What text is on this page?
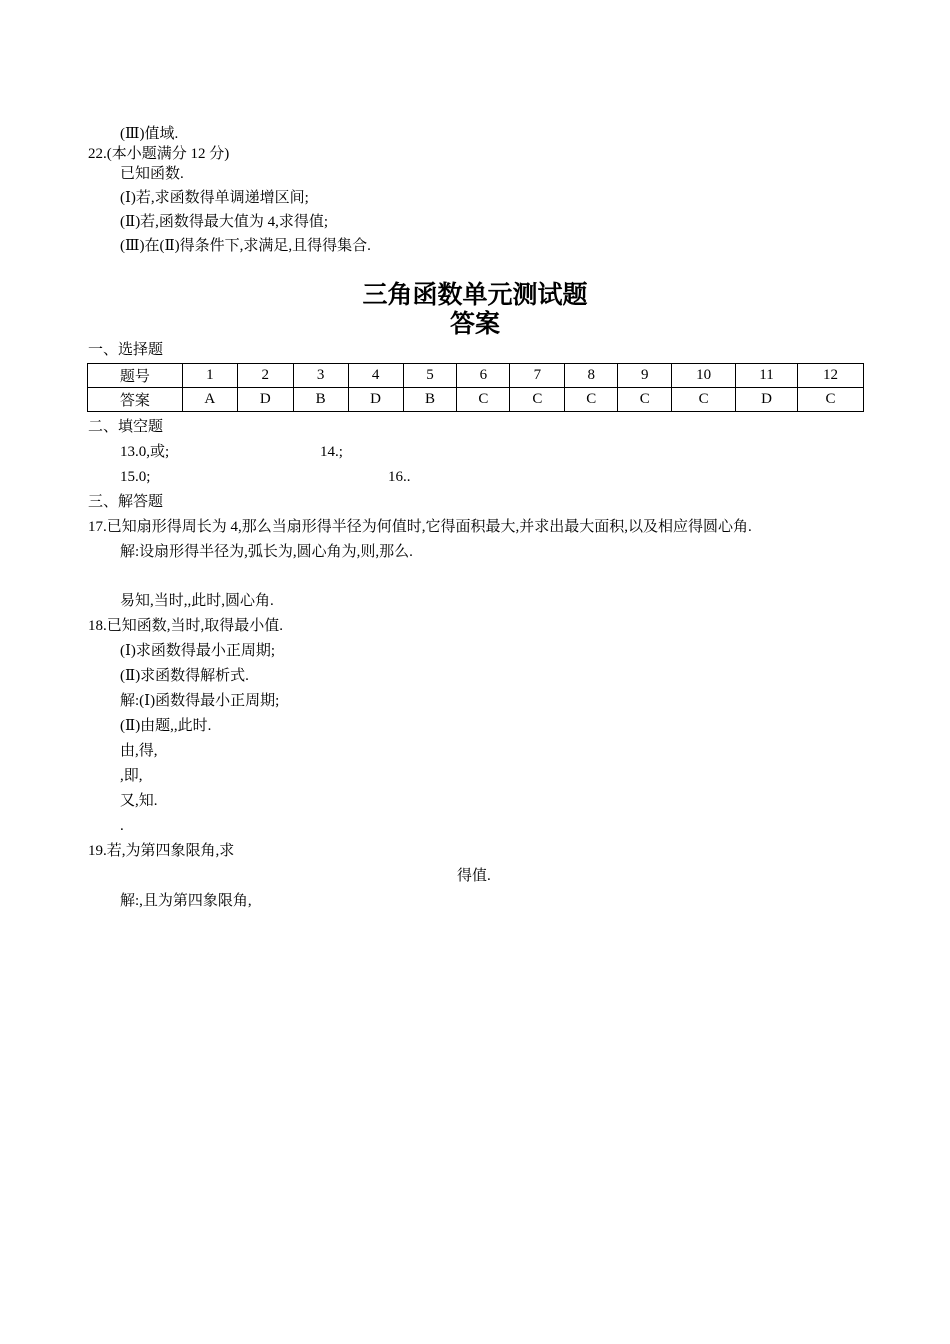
(Ⅲ)值域.
22.(本小题满分 12 分)
已知函数.
(Ⅰ)若,求函数得单调递增区间;
(Ⅱ)若,函数得最大值为 4,求得值;
(Ⅲ)在(Ⅱ)得条件下,求满足,且得得集合.
三角函数单元测试题
答案
一、选择题
题号	1	2	3	4	5	6	7	8	9	10	11	12
答案	A	D	B	D	B	C	C	C	C	C	D	C
二、填空题
13.0,或;	14.;
15.0;	16..
三、解答题
17.已知扇形得周长为 4,那么当扇形得半径为何值时,它得面积最大,并求出最大面积,以及相应得圆心角.
解:设扇形得半径为,弧长为,圆心角为,则,那么.
易知,当时,,此时,圆心角.
18.已知函数,当时,取得最小值.
(Ⅰ)求函数得最小正周期;
(Ⅱ)求函数得解析式.
解:(Ⅰ)函数得最小正周期;
(Ⅱ)由题,,此时.
由,得,
,即,
又,知.
.
19.若,为第四象限角,求
得值.
解:,且为第四象限角,
